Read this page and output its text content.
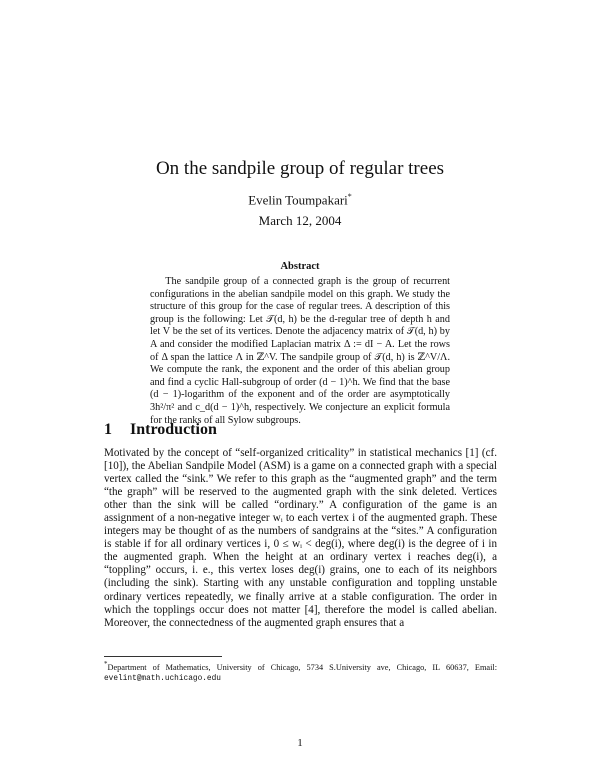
On the sandpile group of regular trees
Evelin Toumpakari*
March 12, 2004
Abstract

The sandpile group of a connected graph is the group of recurrent configurations in the abelian sandpile model on this graph. We study the structure of this group for the case of regular trees. A description of this group is the following: Let 𝒯(d, h) be the d-regular tree of depth h and let V be the set of its vertices. Denote the adjacency matrix of 𝒯(d, h) by A and consider the modified Laplacian matrix Δ := dI − A. Let the rows of Δ span the lattice Λ in ℤ^V. The sandpile group of 𝒯(d, h) is ℤ^V/Λ. We compute the rank, the exponent and the order of this abelian group and find a cyclic Hall-subgroup of order (d − 1)^h. We find that the base (d − 1)-logarithm of the exponent and of the order are asymptotically 3h²/π² and c_d(d − 1)^h, respectively. We conjecture an explicit formula for the ranks of all Sylow subgroups.

1 Introduction

Motivated by the concept of “self-organized criticality” in statistical mechanics [1] (cf. [10]), the Abelian Sandpile Model (ASM) is a game on a connected graph with a special vertex called the “sink.” We refer to this graph as the “augmented graph” and the term “the graph” will be reserved to the augmented graph with the sink deleted. Vertices other than the sink will be called “ordinary.” A configuration of the game is an assignment of a non-negative integer wᵢ to each vertex i of the augmented graph. These integers may be thought of as the numbers of sandgrains at the “sites.” A configuration is stable if for all ordinary vertices i, 0 ≤ wᵢ < deg(i), where deg(i) is the degree of i in the augmented graph. When the height at an ordinary vertex i reaches deg(i), a “toppling” occurs, i. e., this vertex loses deg(i) grains, one to each of its neighbors (including the sink). Starting with any unstable configuration and toppling unstable ordinary vertices repeatedly, we finally arrive at a stable configuration. The order in which the topplings occur does not matter [4], therefore the model is called abelian. Moreover, the connectedness of the augmented graph ensures that a

*Department of Mathematics, University of Chicago, 5734 S.University ave, Chicago, IL 60637, Email: evelint@math.uchicago.edu

1
